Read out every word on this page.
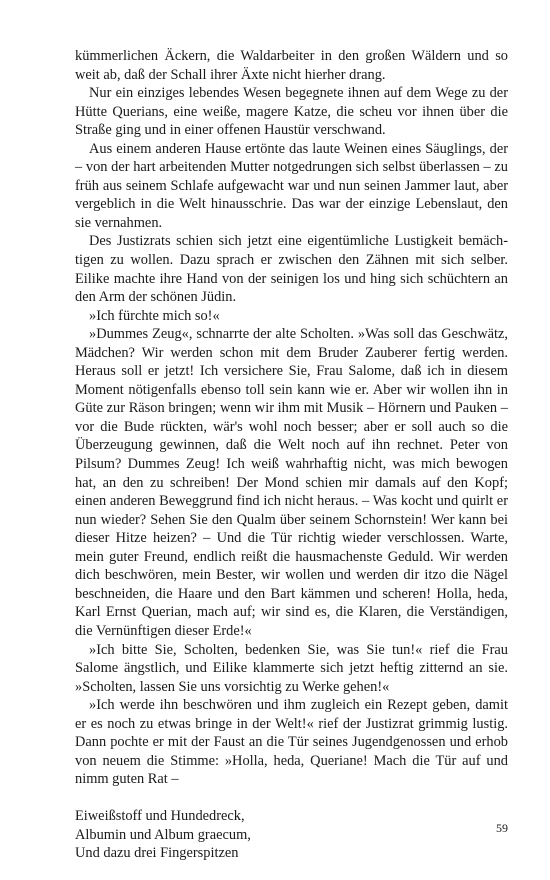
kümmerlichen Äckern, die Waldarbeiter in den großen Wäldern und so weit ab, daß der Schall ihrer Äxte nicht hierher drang.

Nur ein einziges lebendes Wesen begegnete ihnen auf dem Wege zu der Hütte Querians, eine weiße, magere Katze, die scheu vor ihnen über die Straße ging und in einer offenen Haustür verschwand.

Aus einem anderen Hause ertönte das laute Weinen eines Säuglings, der – von der hart arbeitenden Mutter notgedrungen sich selbst überlassen – zu früh aus seinem Schlafe aufgewacht war und nun seinen Jammer laut, aber vergeblich in die Welt hinausschrie. Das war der einzige Lebenslaut, den sie vernahmen.

Des Justizrats schien sich jetzt eine eigentümliche Lustigkeit bemächtigen zu wollen. Dazu sprach er zwischen den Zähnen mit sich selber. Eilike machte ihre Hand von der seinigen los und hing sich schüchtern an den Arm der schönen Jüdin.

»Ich fürchte mich so!«

»Dummes Zeug«, schnarrte der alte Scholten. »Was soll das Geschwätz, Mädchen? Wir werden schon mit dem Bruder Zauberer fertig werden. Heraus soll er jetzt! Ich versichere Sie, Frau Salome, daß ich in diesem Moment nötigenfalls ebenso toll sein kann wie er. Aber wir wollen ihn in Güte zur Räson bringen; wenn wir ihm mit Musik – Hörnern und Pauken – vor die Bude rückten, wär's wohl noch besser; aber er soll auch so die Überzeugung gewinnen, daß die Welt noch auf ihn rechnet. Peter von Pilsum? Dummes Zeug! Ich weiß wahrhaftig nicht, was mich bewogen hat, an den zu schreiben! Der Mond schien mir damals auf den Kopf; einen anderen Beweggrund find ich nicht heraus. – Was kocht und quirlt er nun wieder? Sehen Sie den Qualm über seinem Schornstein! Wer kann bei dieser Hitze heizen? – Und die Tür richtig wieder verschlossen. Warte, mein guter Freund, endlich reißt die hausmachenste Geduld. Wir werden dich beschwören, mein Bester, wir wollen und werden dir itzo die Nägel beschneiden, die Haare und den Bart kämmen und scheren! Holla, heda, Karl Ernst Querian, mach auf; wir sind es, die Klaren, die Verständigen, die Vernünftigen dieser Erde!«

»Ich bitte Sie, Scholten, bedenken Sie, was Sie tun!« rief die Frau Salome ängstlich, und Eilike klammerte sich jetzt heftig zitternd an sie. »Scholten, lassen Sie uns vorsichtig zu Werke gehen!«

»Ich werde ihn beschwören und ihm zugleich ein Rezept geben, damit er es noch zu etwas bringe in der Welt!« rief der Justizrat grimmig lustig. Dann pochte er mit der Faust an die Tür seines Jugendgenossen und erhob von neuem die Stimme: »Holla, heda, Queriane! Mach die Tür auf und nimm guten Rat –

Eiweißstoff und Hundedreck,
Albumin und Album graecum,
Und dazu drei Fingerspitzen
59
